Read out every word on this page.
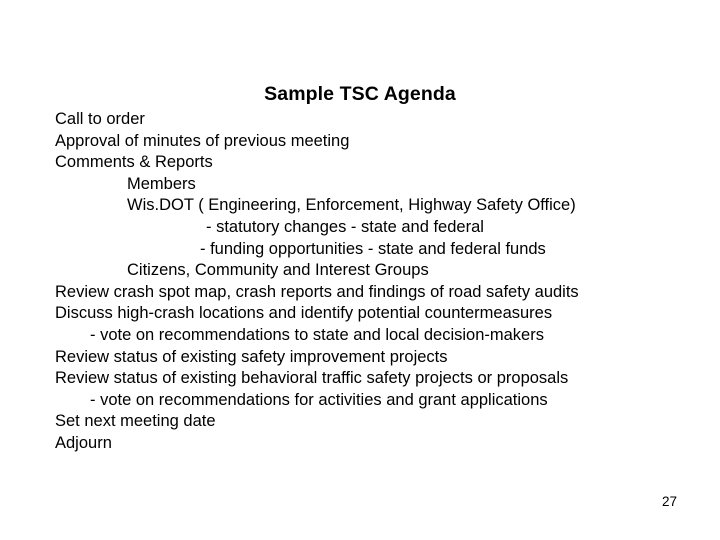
Sample TSC Agenda
Call to order
Approval of minutes of previous meeting
Comments & Reports
Members
Wis.DOT ( Engineering, Enforcement, Highway Safety Office)
- statutory changes - state and federal
- funding opportunities - state and federal funds
Citizens, Community and Interest Groups
Review crash spot map, crash reports and findings of road safety audits
Discuss high-crash locations and identify potential countermeasures
- vote on recommendations to state and local decision-makers
Review status of existing safety improvement projects
Review status of existing behavioral traffic safety projects or proposals
- vote on recommendations for activities and grant applications
Set next meeting date
Adjourn
27
